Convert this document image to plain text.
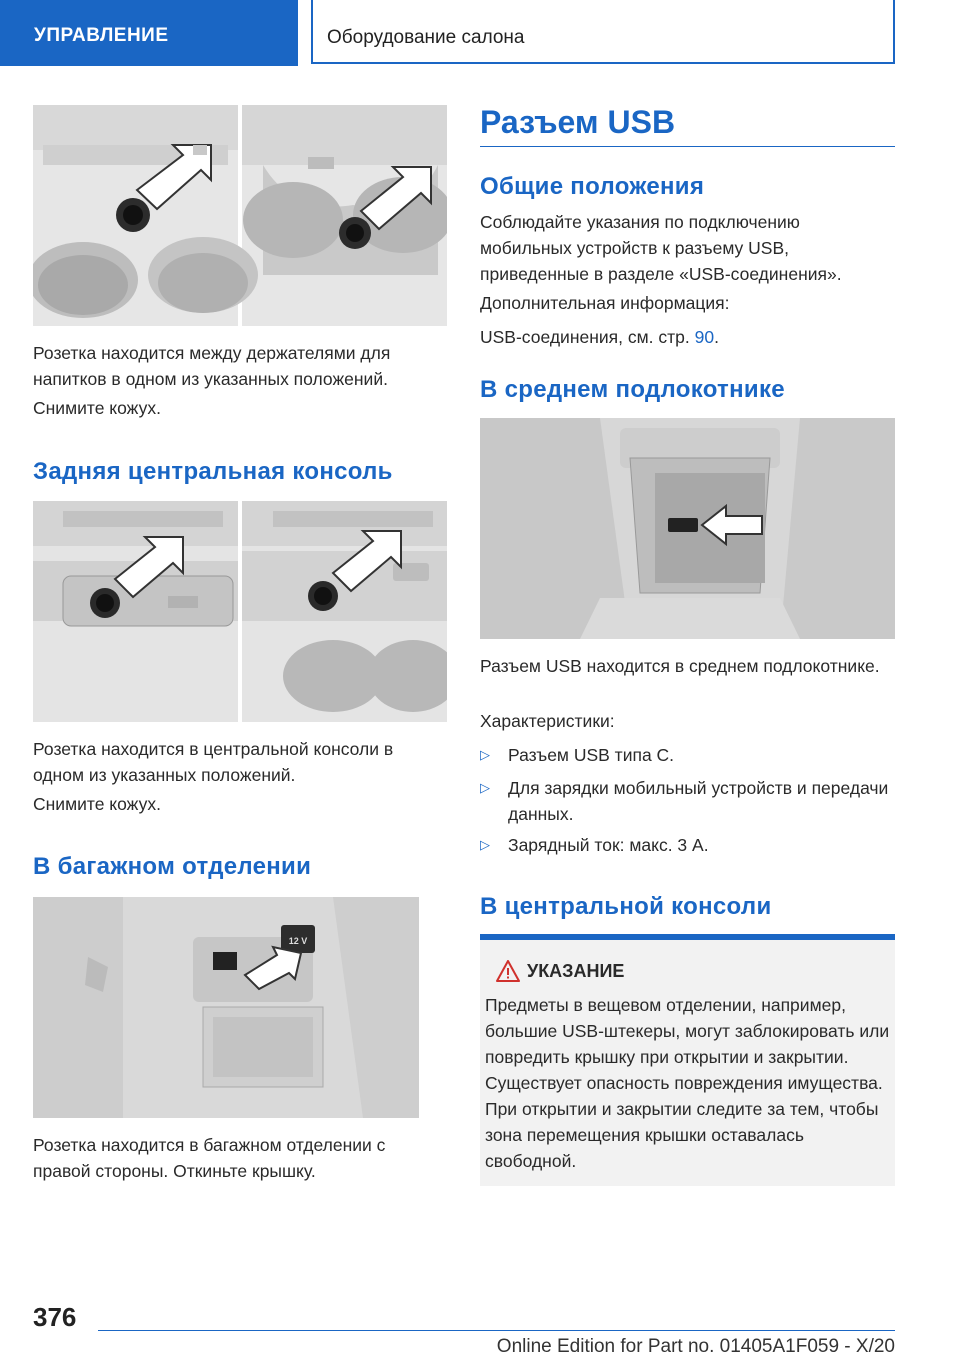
УПРАВЛЕНИЕ	Оборудование салона

Розетка находится между держателями для напитков в одном из указанных положений.

Снимите кожух.

Задняя центральная консоль

Розетка находится в центральной консоли в одном из указанных положений.

Снимите кожух.

В багажном отделении
12 V

Розетка находится в багажном отделении с правой стороны. Откиньте крышку.

Разъем USB
Общие положения

Соблюдайте указания по подключению мобильных устройств к разъему USB, приведенные в разделе «USB-соединения».

Дополнительная информация:

USB-соединения, см. стр. 90.

В среднем подлокотнике

Разъем USB находится в среднем подлокотнике.

Характеристики:

▷ Разъем USB типа C.

▷ Для зарядки мобильный устройств и передачи данных.

▷ Зарядный ток: макс. 3 A.

В центральной консоли
УКАЗАНИЕ

Предметы в вещевом отделении, например, большие USB-штекеры, могут заблокировать или повредить крышку при открытии и закрытии. Существует опасность повреждения имущества. При открытии и закрытии следите за тем, чтобы зона перемещения крышки оставалась свободной.

376
Online Edition for Part no. 01405A1F059 - X/20
